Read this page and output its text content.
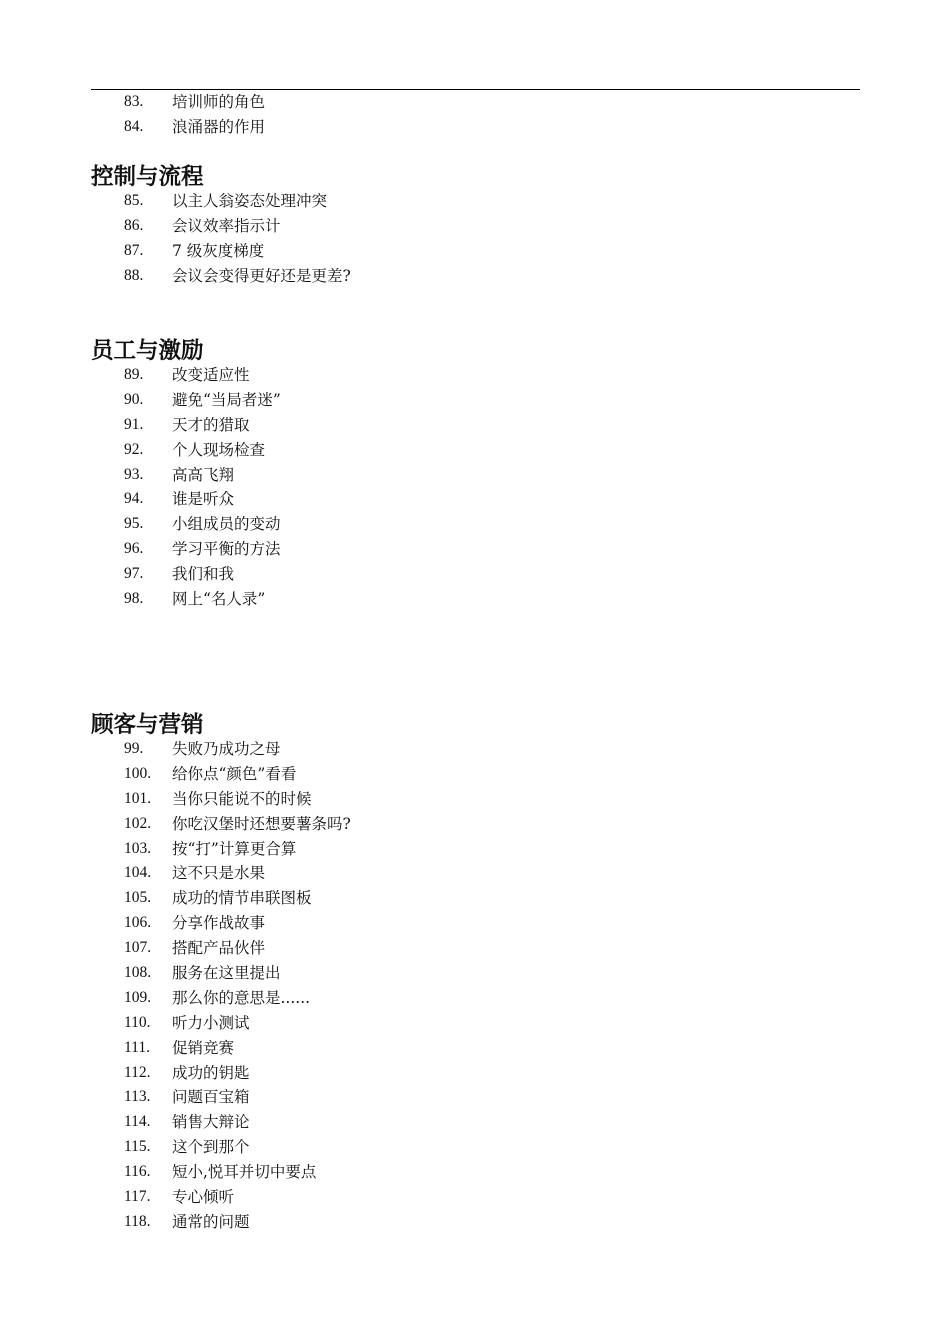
83. 培训师的角色
84. 浪涌器的作用
控制与流程
85. 以主人翁姿态处理冲突
86. 会议效率指示计
87. 7 级灰度梯度
88. 会议会变得更好还是更差?
员工与激励
89. 改变适应性
90. 避免“当局者迷”
91. 天才的猎取
92. 个人现场检查
93. 高高飞翔
94. 谁是听众
95. 小组成员的变动
96. 学习平衡的方法
97. 我们和我
98. 网上“名人录”
顾客与营销
99. 失败乃成功之母
100. 给你点“颜色”看看
101. 当你只能说不的时候
102. 你吃汉堡时还想要薯条吗?
103. 按“打”计算更合算
104. 这不只是水果
105. 成功的情节串联图板
106. 分享作战故事
107. 搭配产品伙伴
108. 服务在这里提出
109. 那么你的意思是......
110. 听力小测试
111. 促销竞赛
112. 成功的钥匙
113. 问题百宝箱
114. 销售大辩论
115. 这个到那个
116. 短小,悦耳并切中要点
117. 专心倾听
118. 通常的问题
